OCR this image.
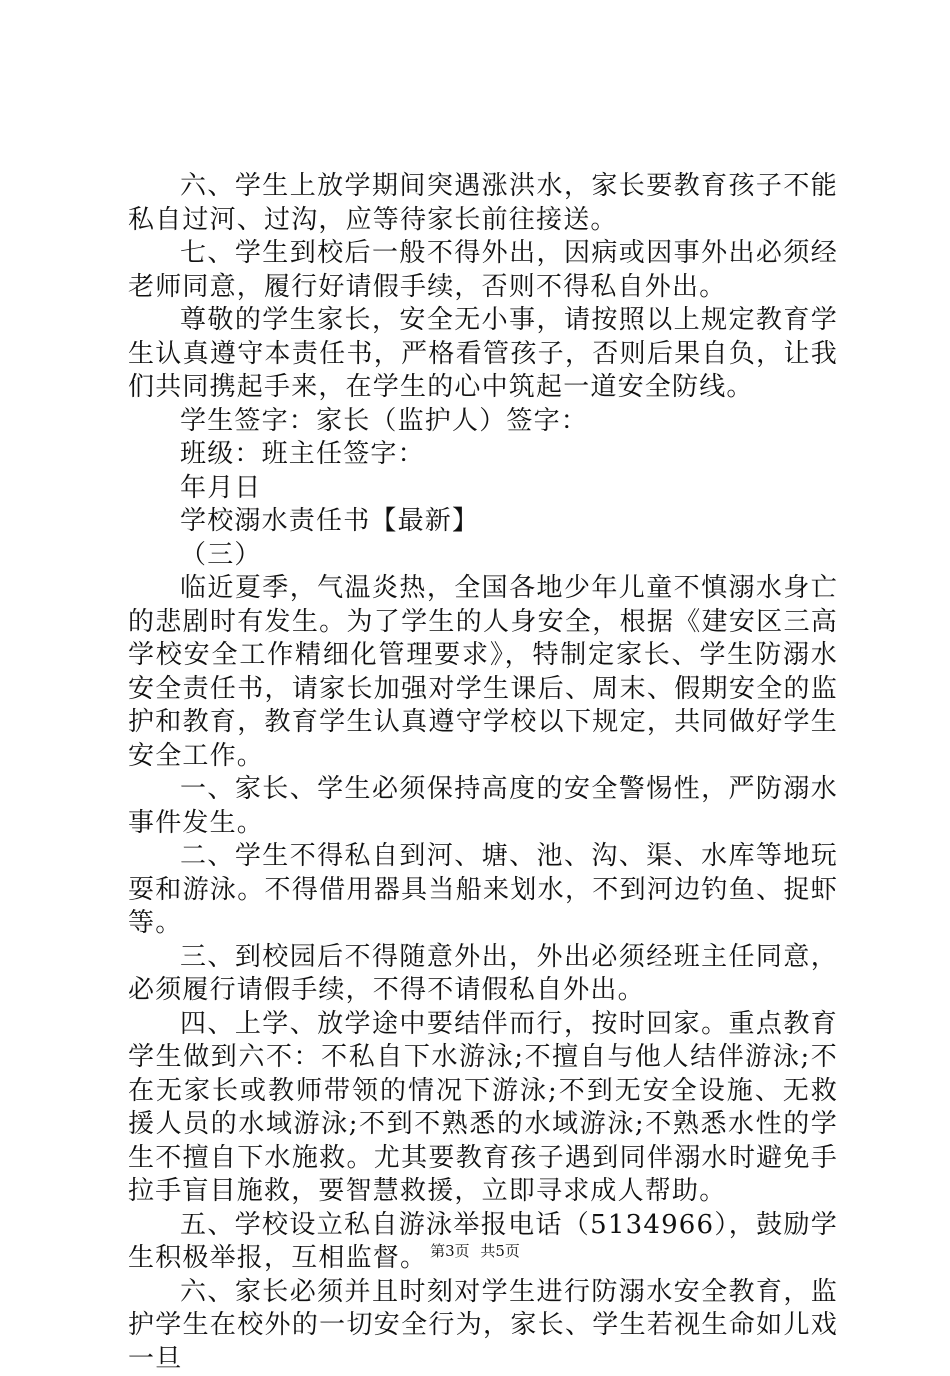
六、学生上放学期间突遇涨洪水，家长要教育孩子不能私自过河、过沟，应等待家长前往接送。

七、学生到校后一般不得外出，因病或因事外出必须经老师同意，履行好请假手续，否则不得私自外出。

尊敬的学生家长，安全无小事，请按照以上规定教育学生认真遵守本责任书，严格看管孩子，否则后果自负，让我们共同携起手来，在学生的心中筑起一道安全防线。

学生签字：家长（监护人）签字：

班级：班主任签字：

年月日

学校溺水责任书【最新】

（三）

临近夏季，气温炎热，全国各地少年儿童不慎溺水身亡的悲剧时有发生。为了学生的人身安全，根据《建安区三高学校安全工作精细化管理要求》，特制定家长、学生防溺水安全责任书，请家长加强对学生课后、周末、假期安全的监护和教育，教育学生认真遵守学校以下规定，共同做好学生安全工作。

一、家长、学生必须保持高度的安全警惕性，严防溺水事件发生。

二、学生不得私自到河、塘、池、沟、渠、水库等地玩耍和游泳。不得借用器具当船来划水，不到河边钓鱼、捉虾等。

三、到校园后不得随意外出，外出必须经班主任同意，必须履行请假手续，不得不请假私自外出。

四、上学、放学途中要结伴而行，按时回家。重点教育学生做到六不：不私自下水游泳;不擅自与他人结伴游泳;不在无家长或教师带领的情况下游泳;不到无安全设施、无救援人员的水域游泳;不到不熟悉的水域游泳;不熟悉水性的学生不擅自下水施救。尤其要教育孩子遇到同伴溺水时避免手拉手盲目施救，要智慧救援，立即寻求成人帮助。

五、学校设立私自游泳举报电话（5134966），鼓励学生积极举报，互相监督。

六、家长必须并且时刻对学生进行防溺水安全教育，监护学生在校外的一切安全行为，家长、学生若视生命如儿戏一旦

第3页 共5页
